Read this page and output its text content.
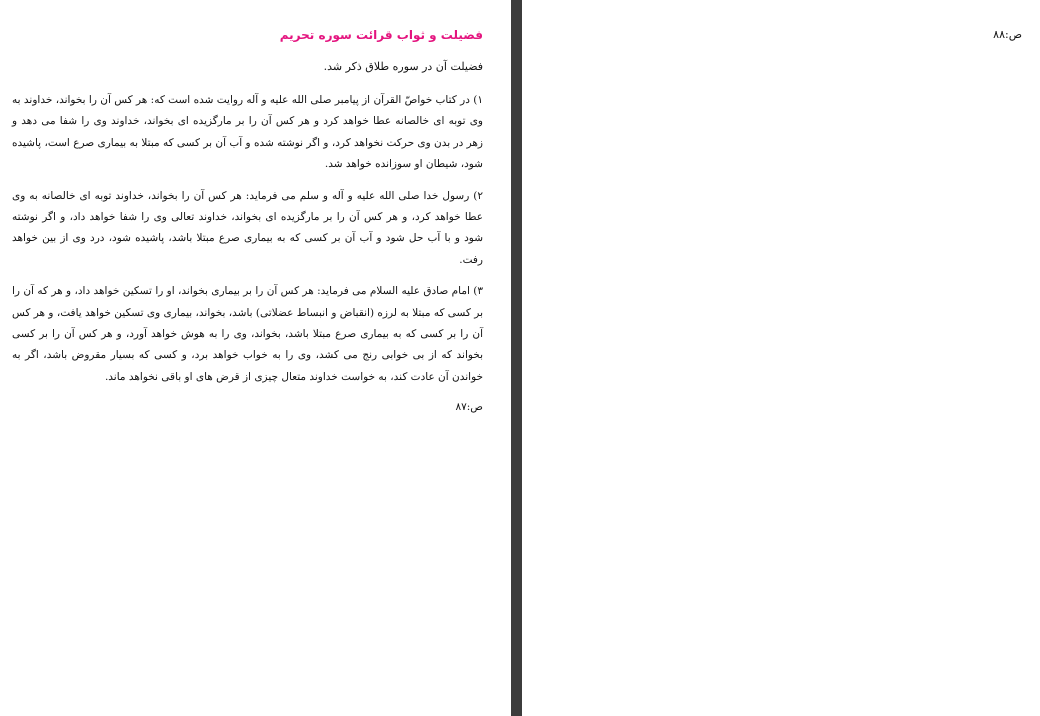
فضیلت و ثواب قرائت سوره تحریم
فضیلت آن در سوره طلاق ذکر شد.

۱) در کتاب خواصّ القرآن از پیامبر صلی الله علیه و آله روایت شده است که: هر کس آن را بخواند، خداوند به وی توبه ای خالصانه عطا خواهد کرد و هر کس آن را بر مارگزیده ای بخواند، خداوند وی را شفا می دهد و زهر در بدن وی حرکت نخواهد کرد، و اگر نوشته شده و آب آن بر کسی که مبتلا به بیماری صرع است، پاشیده شود، شیطان او سوزانده خواهد شد.

۲) رسول خدا صلی الله علیه و آله و سلم می فرماید: هر کس آن را بخواند، خداوند توبه ای خالصانه به وی عطا خواهد کرد، و هر کس آن را بر مارگزیده ای بخواند، خداوند تعالی وی را شفا خواهد داد، و اگر نوشته شود و با آب حل شود و آب آن بر کسی که به بیماری صرع مبتلا باشد، پاشیده شود، درد وی از بین خواهد رفت.

۳) امام صادق علیه السلام می فرماید: هر کس آن را بر بیماری بخواند، او را تسکین خواهد داد، و هر که آن را بر کسی که مبتلا به لرزه (انقباض و انبساط عضلاتی) باشد، بخواند، بیماری وی تسکین خواهد یافت، و هر کس آن را بر کسی که به بیماری صرع مبتلا باشد، بخواند، وی را به هوش خواهد آورد، و هر کس آن را بر کسی بخواند که از بی خوابی رنج می کشد، وی را به خواب خواهد برد، و کسی که بسیار مقروض باشد، اگر به خواندن آن عادت کند، به خواست خداوند متعال چیزی از قرض های او باقی نخواهد ماند.

ص:۸۷
ص:۸۸
